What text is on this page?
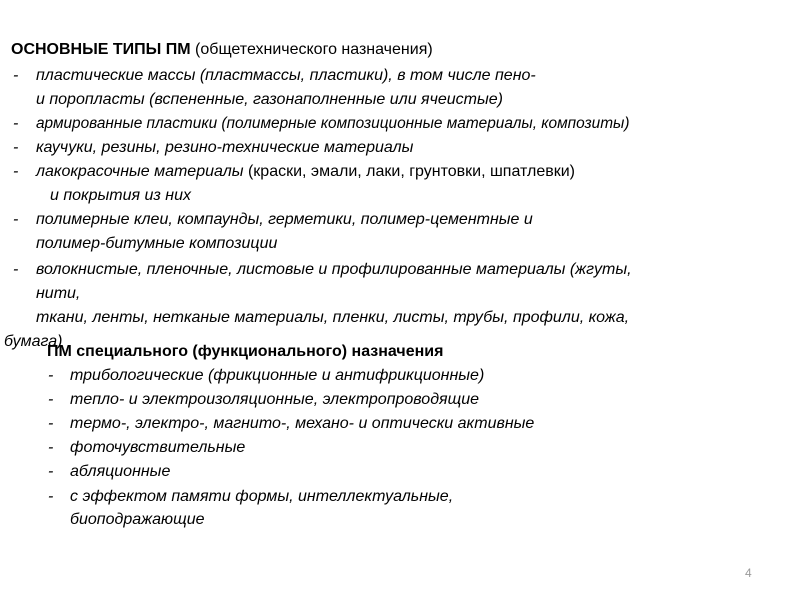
ОСНОВНЫЕ ТИПЫ ПМ (общетехнического назначения)
- пластические массы (пластмассы, пластики), в том числе пено-
и поропласты (вспененные, газонаполненные или ячеистые)
- армированные пластики (полимерные композиционные материалы, композиты)
- каучуки, резины, резино-технические материалы
- лакокрасочные материалы (краски, эмали, лаки, грунтовки, шпатлевки)
и покрытия из них
- полимерные клеи, компаунды, герметики, полимер-цементные и
полимер-битумные композиции
- волокнистые, пленочные, листовые и профилированные материалы (жгуты,
нити,
ткани, ленты, нетканые материалы, пленки, листы, трубы, профили, кожа,
бумага)
ПМ специального (функционального) назначения
- трибологические (фрикционные и антифрикционные)
- тепло- и электроизоляционные, электропроводящие
- термо-, электро-, магнито-, механо- и оптически активные
- фоточувствительные
- абляционные
- с эффектом памяти формы, интеллектуальные,
биоподражающие
4
